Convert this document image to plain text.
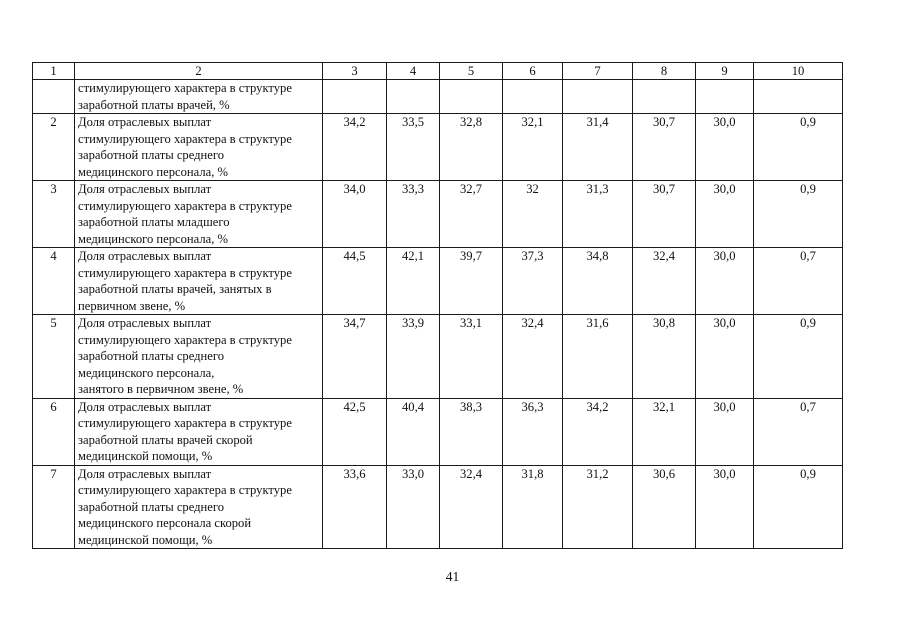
1	2	3	4	5	6	7	8	9	10
	стимулирующего характера в структуре
заработной платы врачей, %								
2	Доля отраслевых выплат
стимулирующего характера в структуре
заработной платы среднего
медицинского персонала, %	34,2	33,5	32,8	32,1	31,4	30,7	30,0	0,9
3	Доля отраслевых выплат
стимулирующего характера в структуре
заработной платы младшего
медицинского персонала, %	34,0	33,3	32,7	32	31,3	30,7	30,0	0,9
4	Доля отраслевых выплат
стимулирующего характера в структуре
заработной платы врачей, занятых в
первичном звене, %	44,5	42,1	39,7	37,3	34,8	32,4	30,0	0,7
5	Доля отраслевых выплат
стимулирующего характера в структуре
заработной платы среднего
медицинского персонала,
занятого в первичном звене, %	34,7	33,9	33,1	32,4	31,6	30,8	30,0	0,9
6	Доля отраслевых выплат
стимулирующего характера в структуре
заработной платы врачей скорой
медицинской помощи, %	42,5	40,4	38,3	36,3	34,2	32,1	30,0	0,7
7	Доля отраслевых выплат
стимулирующего характера в структуре
заработной платы среднего
медицинского персонала скорой
медицинской помощи, %	33,6	33,0	32,4	31,8	31,2	30,6	30,0	0,9
41
